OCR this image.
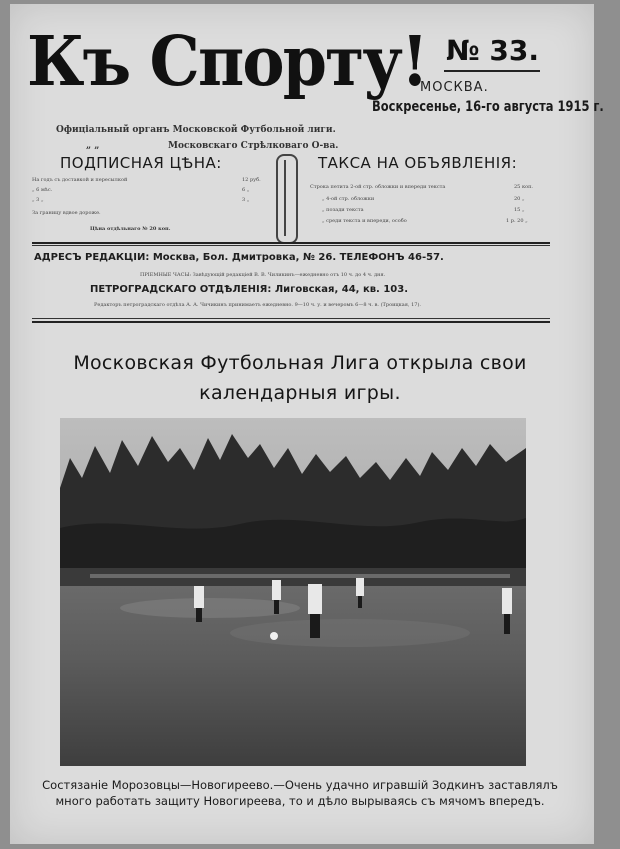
Къ Спорту! № 33.
МОСКВА.
Воскресенье, 16-го августа 1915 г.
Офиціальный органъ Московской Футбольной лиги.
„ „	Московскаго Стрѣлковаго О-ва.
ПОДПИСНАЯ ЦѢНА:
На годъ съ доставкой и пересылкой	12 руб.
„ 6 мѣс.	6 „
„ 3 „	3 „
За границу вдвое дороже.
Цѣна отдѣльнаго № 20 коп.
ТАКСА НА ОБЪЯВЛЕНІЯ:
Строка петита 2-ой стр. обложки и впереди текста	25 коп.
„ 4-ой стр. обложки	20 „
„ позади текста	15 „
„ среди текста и впереди, особо	1 р. 20 „
АДРЕСЪ РЕДАКЦІИ: Москва, Бол. Дмитровка, № 26. ТЕЛЕФОНЪ 46-57.
ПРІЕМНЫЕ ЧАСЫ: Завѣдующій редакціей В. В. Чиликинъ—ежедневно отъ 10 ч. до 4 ч. дня.
ПЕТРОГРАДСКАГО ОТДѢЛЕНІЯ: Лиговская, 44, кв. 103.
Редакторъ петроградскаго отдѣла А. А. Чичикинъ принимаетъ ежедневно. 9—10 ч. у. и вечеромъ 6—8 ч. в. (Троицкая, 17).
Московская Футбольная Лига открыла свои
календарныя игры.
Состязаніе Морозовцы—Новогиреево.—Очень удачно игравшій Зодкинъ заставлялъ
много работать защиту Новогиреева, то и дѣло вырываясь съ мячомъ впередъ.
